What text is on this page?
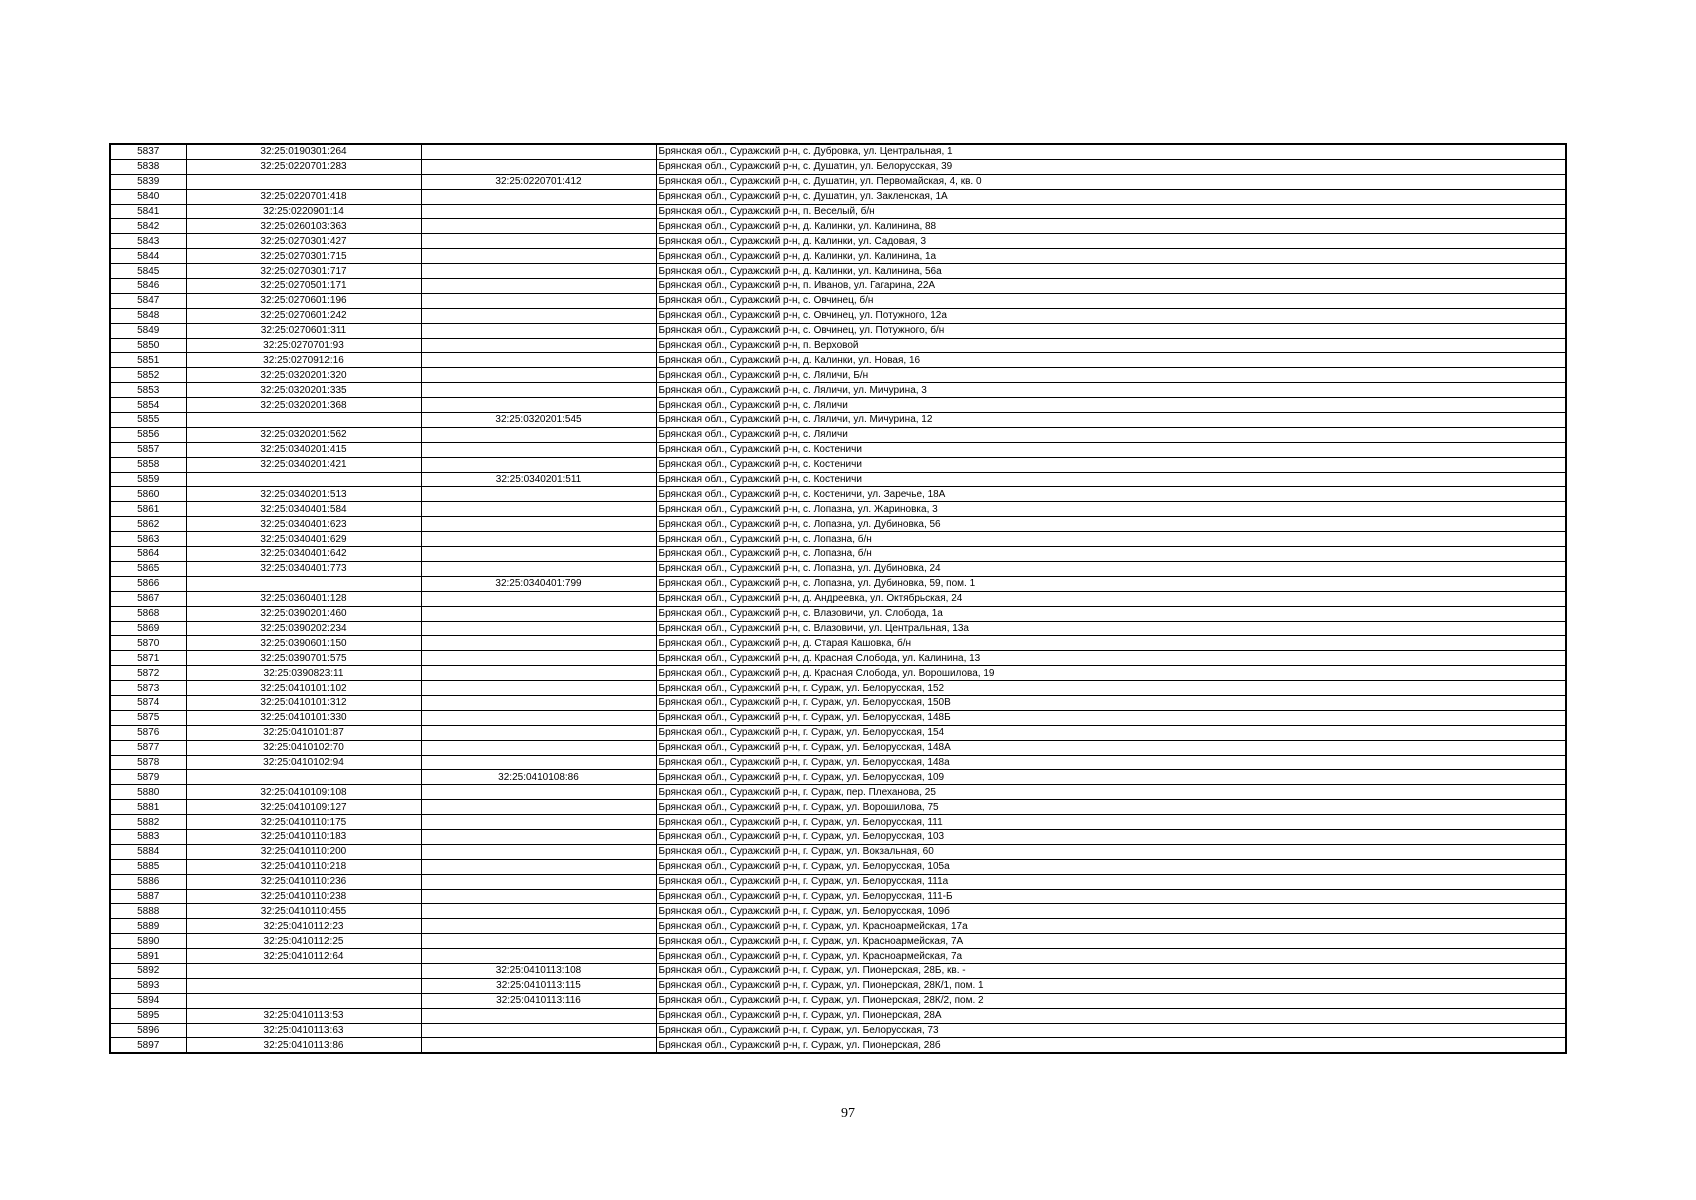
5837	32:25:0190301:264		Брянская обл., Суражский р-н, с. Дубровка, ул. Центральная, 1
5838	32:25:0220701:283		Брянская обл., Суражский р-н, с. Душатин, ул. Белорусская, 39
5839		32:25:0220701:412	Брянская обл., Суражский р-н, с. Душатин, ул. Первомайская, 4, кв. 0
5840	32:25:0220701:418		Брянская обл., Суражский р-н, с. Душатин, ул. Закленская, 1А
5841	32:25:0220901:14		Брянская обл., Суражский р-н, п. Веселый, б/н
5842	32:25:0260103:363		Брянская обл., Суражский р-н, д. Калинки, ул. Калинина, 88
5843	32:25:0270301:427		Брянская обл., Суражский р-н, д. Калинки, ул. Садовая, 3
5844	32:25:0270301:715		Брянская обл., Суражский р-н, д. Калинки, ул. Калинина, 1а
5845	32:25:0270301:717		Брянская обл., Суражский р-н, д. Калинки, ул. Калинина, 56а
5846	32:25:0270501:171		Брянская обл., Суражский р-н, п. Иванов, ул. Гагарина, 22А
5847	32:25:0270601:196		Брянская обл., Суражский р-н, с. Овчинец, б/н
5848	32:25:0270601:242		Брянская обл., Суражский р-н, с. Овчинец, ул. Потужного, 12а
5849	32:25:0270601:311		Брянская обл., Суражский р-н, с. Овчинец, ул. Потужного, б/н
5850	32:25:0270701:93		Брянская обл., Суражский р-н, п. Верховой
5851	32:25:0270912:16		Брянская обл., Суражский р-н, д. Калинки, ул. Новая, 16
5852	32:25:0320201:320		Брянская обл., Суражский р-н, с. Ляличи, Б/н
5853	32:25:0320201:335		Брянская обл., Суражский р-н, с. Ляличи, ул. Мичурина, 3
5854	32:25:0320201:368		Брянская обл., Суражский р-н, с. Ляличи
5855		32:25:0320201:545	Брянская обл., Суражский р-н, с. Ляличи, ул. Мичурина, 12
5856	32:25:0320201:562		Брянская обл., Суражский р-н, с. Ляличи
5857	32:25:0340201:415		Брянская обл., Суражский р-н, с. Костеничи
5858	32:25:0340201:421		Брянская обл., Суражский р-н, с. Костеничи
5859		32:25:0340201:511	Брянская обл., Суражский р-н, с. Костеничи
5860	32:25:0340201:513		Брянская обл., Суражский р-н, с. Костеничи, ул. Заречье, 18А
5861	32:25:0340401:584		Брянская обл., Суражский р-н, с. Лопазна, ул. Жариновка, 3
5862	32:25:0340401:623		Брянская обл., Суражский р-н, с. Лопазна, ул. Дубиновка, 56
5863	32:25:0340401:629		Брянская обл., Суражский р-н, с. Лопазна, б/н
5864	32:25:0340401:642		Брянская обл., Суражский р-н, с. Лопазна, б/н
5865	32:25:0340401:773		Брянская обл., Суражский р-н, с. Лопазна, ул. Дубиновка, 24
5866		32:25:0340401:799	Брянская обл., Суражский р-н, с. Лопазна, ул. Дубиновка, 59, пом. 1
5867	32:25:0360401:128		Брянская обл., Суражский р-н, д. Андреевка, ул. Октябрьская, 24
5868	32:25:0390201:460		Брянская обл., Суражский р-н, с. Влазовичи, ул. Слобода, 1а
5869	32:25:0390202:234		Брянская обл., Суражский р-н, с. Влазовичи, ул. Центральная, 13а
5870	32:25:0390601:150		Брянская обл., Суражский р-н, д. Старая Кашовка, б/н
5871	32:25:0390701:575		Брянская обл., Суражский р-н, д. Красная Слобода, ул. Калинина, 13
5872	32:25:0390823:11		Брянская обл., Суражский р-н, д. Красная Слобода, ул. Ворошилова, 19
5873	32:25:0410101:102		Брянская обл., Суражский р-н, г. Сураж, ул. Белорусская, 152
5874	32:25:0410101:312		Брянская обл., Суражский р-н, г. Сураж, ул. Белорусская, 150В
5875	32:25:0410101:330		Брянская обл., Суражский р-н, г. Сураж, ул. Белорусская, 148Б
5876	32:25:0410101:87		Брянская обл., Суражский р-н, г. Сураж, ул. Белорусская, 154
5877	32:25:0410102:70		Брянская обл., Суражский р-н, г. Сураж, ул. Белорусская, 148А
5878	32:25:0410102:94		Брянская обл., Суражский р-н, г. Сураж, ул. Белорусская, 148а
5879		32:25:0410108:86	Брянская обл., Суражский р-н, г. Сураж, ул. Белорусская, 109
5880	32:25:0410109:108		Брянская обл., Суражский р-н, г. Сураж, пер. Плеханова, 25
5881	32:25:0410109:127		Брянская обл., Суражский р-н, г. Сураж, ул. Ворошилова, 75
5882	32:25:0410110:175		Брянская обл., Суражский р-н, г. Сураж, ул. Белорусская, 111
5883	32:25:0410110:183		Брянская обл., Суражский р-н, г. Сураж, ул. Белорусская, 103
5884	32:25:0410110:200		Брянская обл., Суражский р-н, г. Сураж, ул. Вокзальная, 60
5885	32:25:0410110:218		Брянская обл., Суражский р-н, г. Сураж, ул. Белорусская, 105а
5886	32:25:0410110:236		Брянская обл., Суражский р-н, г. Сураж, ул. Белорусская, 111а
5887	32:25:0410110:238		Брянская обл., Суражский р-н, г. Сураж, ул. Белорусская, 111-Б
5888	32:25:0410110:455		Брянская обл., Суражский р-н, г. Сураж, ул. Белорусская, 109б
5889	32:25:0410112:23		Брянская обл., Суражский р-н, г. Сураж, ул. Красноармейская, 17а
5890	32:25:0410112:25		Брянская обл., Суражский р-н, г. Сураж, ул. Красноармейская, 7А
5891	32:25:0410112:64		Брянская обл., Суражский р-н, г. Сураж, ул. Красноармейская, 7а
5892		32:25:0410113:108	Брянская обл., Суражский р-н, г. Сураж, ул. Пионерская, 28Б, кв. -
5893		32:25:0410113:115	Брянская обл., Суражский р-н, г. Сураж, ул. Пионерская, 28К/1, пом. 1
5894		32:25:0410113:116	Брянская обл., Суражский р-н, г. Сураж, ул. Пионерская, 28К/2, пом. 2
5895	32:25:0410113:53		Брянская обл., Суражский р-н, г. Сураж, ул. Пионерская, 28А
5896	32:25:0410113:63		Брянская обл., Суражский р-н, г. Сураж, ул. Белорусская, 73
5897	32:25:0410113:86		Брянская обл., Суражский р-н, г. Сураж, ул. Пионерская, 28б
97
